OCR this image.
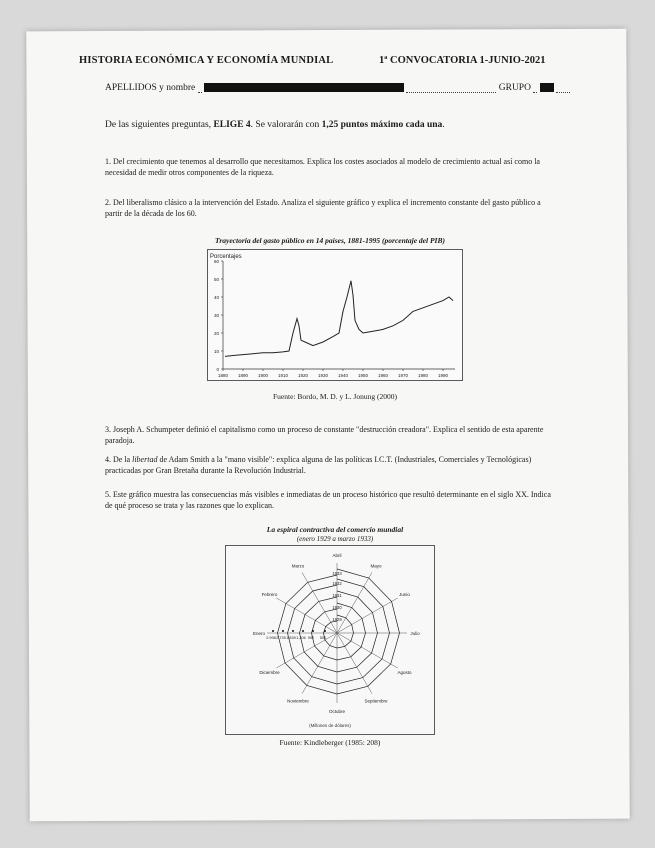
HISTORIA ECONÓMICA Y ECONOMÍA MUNDIAL	1ª CONVOCATORIA 1-JUNIO-2021
APELLIDOS y nombre	GRUPO
De las siguientes preguntas, ELIGE 4. Se valorarán con 1,25 puntos máximo cada una.
1. Del crecimiento que tenemos al desarrollo que necesitamos. Explica los costes asociados al modelo de crecimiento actual así como la necesidad de medir otros componentes de la riqueza.
2. Del liberalismo clásico a la intervención del Estado. Analiza el siguiente gráfico y explica el incremento constante del gasto público a partir de la década de los 60.
Trayectoria del gasto público en 14 países, 1881-1995 (porcentaje del PIB)
Porcentajes
0
10
20
30
40
50
60
1880 1890 1900 1910 1920 1930 1940 1950 1960 1970 1980 1990
Fuente: Bordo, M. D. y L. Jonung (2000)
3. Joseph A. Schumpeter definió el capitalismo como un proceso de constante "destrucción creadora". Explica el sentido de esta aparente paradoja.
4. De la libertad de Adam Smith a la "mano visible": explica alguna de las políticas I.C.T. (Industriales, Comerciales y Tecnológicas) practicadas por Gran Bretaña durante la Revolución Industrial.
5. Este gráfico muestra las consecuencias más visibles e inmediatas de un proceso histórico que resultó determinante en el siglo XX. Indica de qué proceso se trata y las razones que lo explican.
La espiral contractiva del comercio mundial
(enero 1929 a marzo 1933)
Abril
Mayo
Junio
Julio
Agosto
Septiembre
Octubre
Noviembre
Diciembre
Enero
Febrero
Marzo
1933
1932
1931
1930
1929
2.998 2.739 1.839 1.206 992 500
(Millones de dólares)
Fuente: Kindleberger (1985: 208)
